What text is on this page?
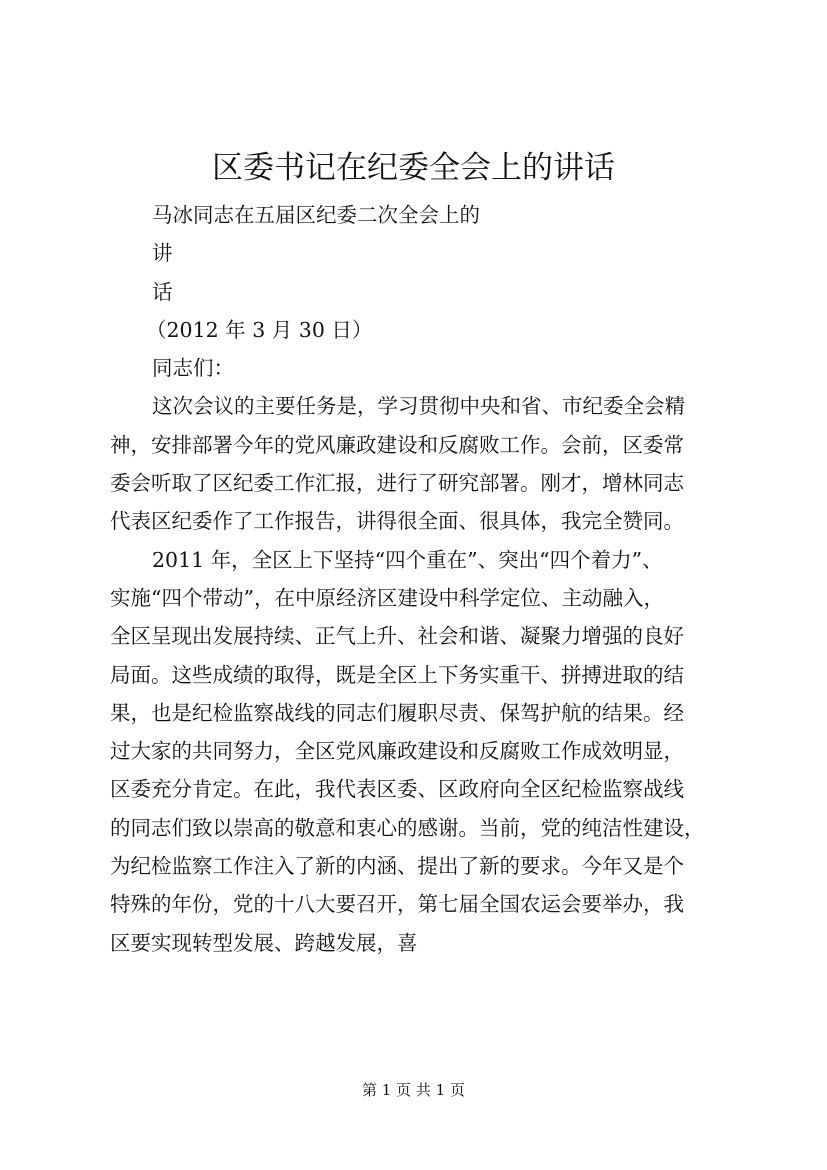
区委书记在纪委全会上的讲话
马冰同志在五届区纪委二次全会上的
讲
话
（2012 年 3 月 30 日）
同志们：
这次会议的主要任务是，学习贯彻中央和省、市纪委全会精
神，安排部署今年的党风廉政建设和反腐败工作。会前，区委常
委会听取了区纪委工作汇报，进行了研究部署。刚才，增林同志
代表区纪委作了工作报告，讲得很全面、很具体，我完全赞同。
2011 年，全区上下坚持“四个重在”、突出“四个着力”、
实施“四个带动”，在中原经济区建设中科学定位、主动融入，
全区呈现出发展持续、正气上升、社会和谐、凝聚力增强的良好
局面。这些成绩的取得，既是全区上下务实重干、拼搏进取的结
果，也是纪检监察战线的同志们履职尽责、保驾护航的结果。经
过大家的共同努力，全区党风廉政建设和反腐败工作成效明显，
区委充分肯定。在此，我代表区委、区政府向全区纪检监察战线
的同志们致以崇高的敬意和衷心的感谢。当前，党的纯洁性建设，
为纪检监察工作注入了新的内涵、提出了新的要求。今年又是个
特殊的年份，党的十八大要召开，第七届全国农运会要举办，我
区要实现转型发展、跨越发展，喜
第 1 页 共 1 页
